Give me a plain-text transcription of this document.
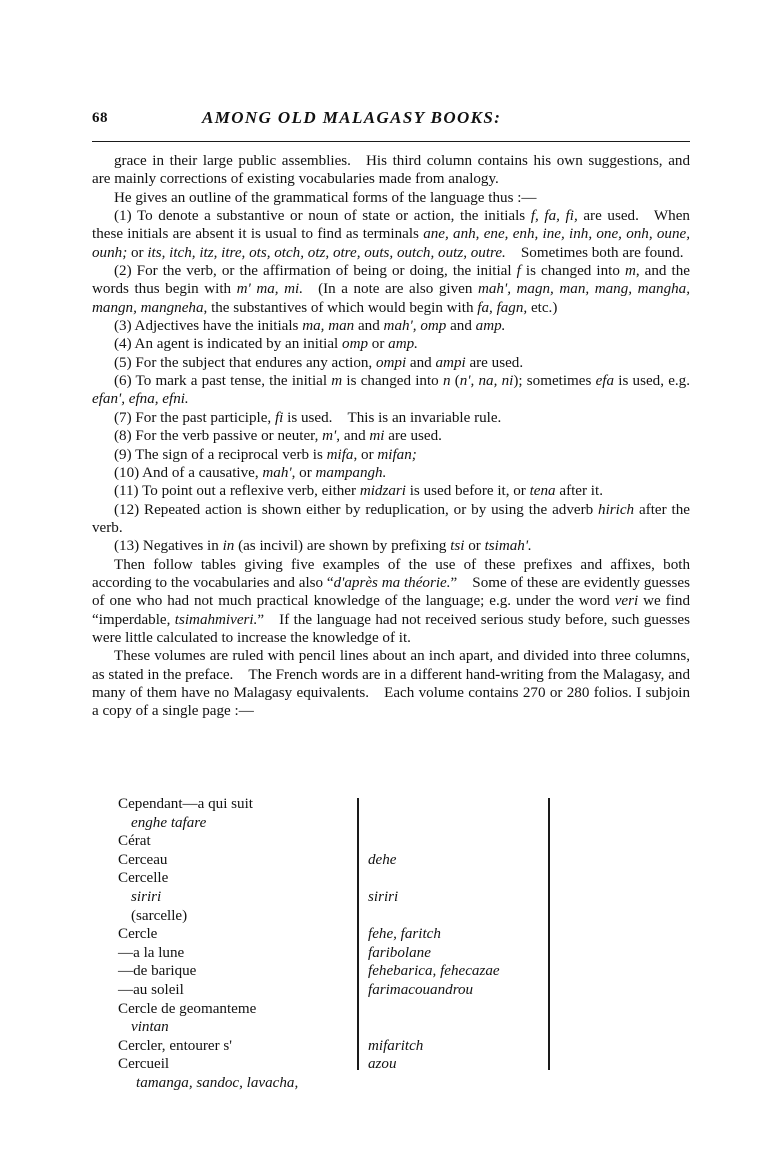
68	AMONG OLD MALAGASY BOOKS:

grace in their large public assemblies. His third column contains his own suggestions, and are mainly corrections of existing vocabularies made from analogy.

He gives an outline of the grammatical forms of the language thus :—

(1) To denote a substantive or noun of state or action, the initials f, fa, fi, are used. When these initials are absent it is usual to find as terminals ane, anh, ene, enh, ine, inh, one, onh, oune, ounh; or its, itch, itz, itre, ots, otch, otz, otre, outs, outch, outz, outre. Sometimes both are found.

(2) For the verb, or the affirmation of being or doing, the initial f is changed into m, and the words thus begin with m' ma, mi. (In a note are also given mah', magn, man, mang, mangha, mangn, mangneha, the substantives of which would begin with fa, fagn, etc.)

(3) Adjectives have the initials ma, man and mah', omp and amp.

(4) An agent is indicated by an initial omp or amp.

(5) For the subject that endures any action, ompi and ampi are used.

(6) To mark a past tense, the initial m is changed into n (n', na, ni); sometimes efa is used, e.g. efan', efna, efni.

(7) For the past participle, fi is used. This is an invariable rule.

(8) For the verb passive or neuter, m', and mi are used.

(9) The sign of a reciprocal verb is mifa, or mifan;

(10) And of a causative, mah', or mampangh.

(11) To point out a reflexive verb, either midzari is used before it, or tena after it.

(12) Repeated action is shown either by reduplication, or by using the adverb hirich after the verb.

(13) Negatives in in (as incivil) are shown by prefixing tsi or tsimah'.

Then follow tables giving five examples of the use of these prefixes and affixes, both according to the vocabularies and also “d'après ma théorie.” Some of these are evidently guesses of one who had not much practical knowledge of the language; e.g. under the word veri we find “imperdable, tsimahmiveri.” If the language had not received serious study before, such guesses were little calculated to increase the knowledge of it.

These volumes are ruled with pencil lines about an inch apart, and divided into three columns, as stated in the preface. The French words are in a different hand-writing from the Malagasy, and many of them have no Malagasy equivalents. Each volume contains 270 or 280 folios. I subjoin a copy of a single page :—

Cependant—a qui suit
enghe tafare
Cérat
Cerceau
Cercelle
siriri
(sarcelle)
Cercle
—a la lune
—de barique
—au soleil
Cercle de geomanteme
vintan
Cercler, entourer s'
Cercueil
tamanga, sandoc, lavacha,
dehe
siriri
fehe, faritch
faribolane
fehebarica, fehecazae
farimacouandrou
mifaritch
azou
